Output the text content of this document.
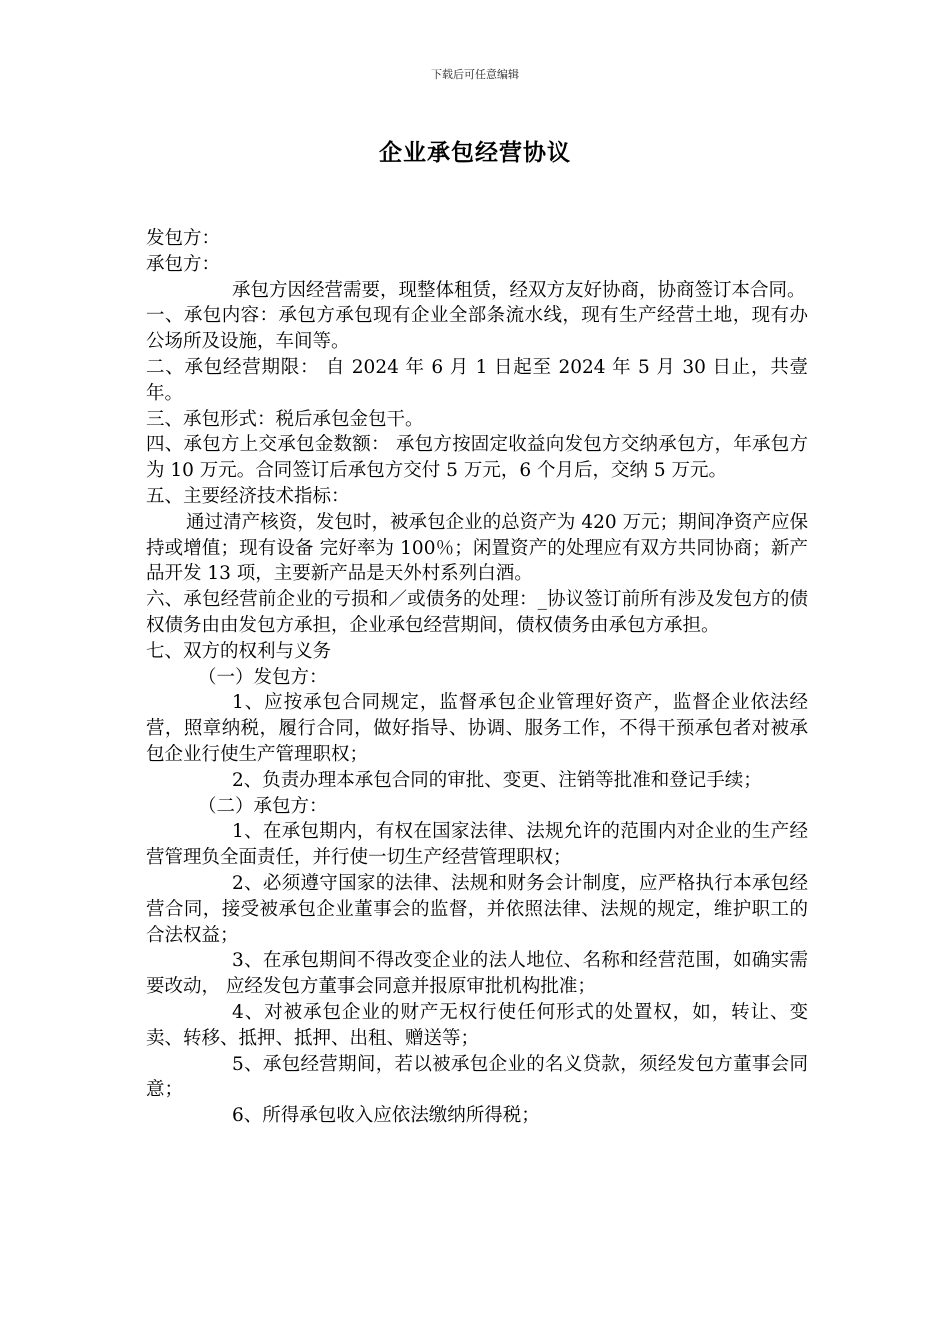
下载后可任意编辑
企业承包经营协议

发包方：

承包方：

承包方因经营需要，现整体租赁，经双方友好协商，协商签订本合同。

一、承包内容：承包方承包现有企业全部条流水线，现有生产经营土地，现有办公场所及设施，车间等。

二、承包经营期限： 自 2024 年 6 月 1 日起至 2024 年 5 月 30 日止，共壹年。

三、承包形式：税后承包金包干。

四、承包方上交承包金数额： 承包方按固定收益向发包方交纳承包方，年承包方为 10 万元。合同签订后承包方交付 5 万元，6 个月后，交纳 5 万元。

五、主要经济技术指标：

通过清产核资，发包时，被承包企业的总资产为 420 万元；期间净资产应保持或增值；现有设备 完好率为 100％；闲置资产的处理应有双方共同协商；新产品开发 13 项，主要新产品是天外村系列白酒。

六、承包经营前企业的亏损和／或债务的处理：_协议签订前所有涉及发包方的债权债务由由发包方承担，企业承包经营期间，债权债务由承包方承担。

七、双方的权利与义务

（一）发包方：

1、应按承包合同规定，监督承包企业管理好资产，监督企业依法经营，照章纳税，履行合同，做好指导、协调、服务工作，不得干预承包者对被承包企业行使生产管理职权；

2、负责办理本承包合同的审批、变更、注销等批准和登记手续；

（二）承包方：

1、在承包期内，有权在国家法律、法规允许的范围内对企业的生产经营管理负全面责任，并行使一切生产经营管理职权；

2、必须遵守国家的法律、法规和财务会计制度，应严格执行本承包经营合同，接受被承包企业董事会的监督，并依照法律、法规的规定，维护职工的合法权益；

3、在承包期间不得改变企业的法人地位、名称和经营范围，如确实需要改动， 应经发包方董事会同意并报原审批机构批准；

4、对被承包企业的财产无权行使任何形式的处置权，如，转让、变卖、转移、抵押、抵押、出租、赠送等；

5、承包经营期间，若以被承包企业的名义贷款，须经发包方董事会同意；

6、所得承包收入应依法缴纳所得税；
